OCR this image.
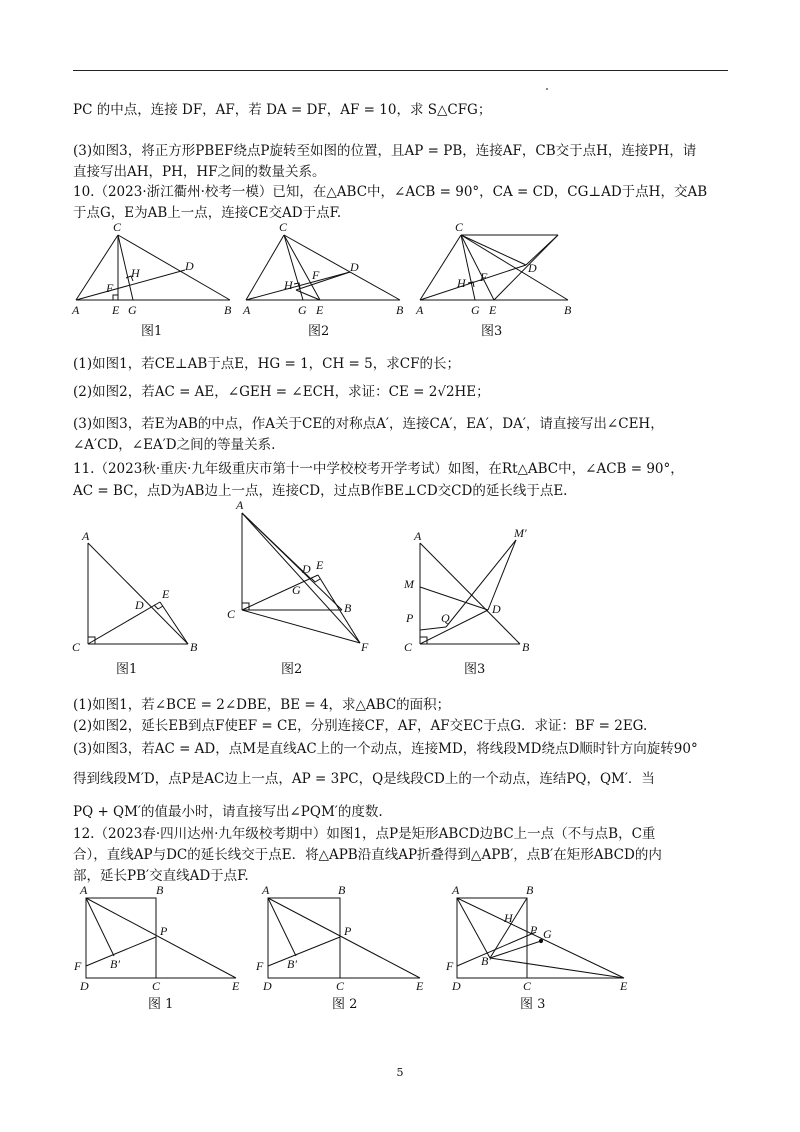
PC 的中点，连接 DF，AF，若 DA = DF，AF = 10，求 S△CFG；
(3)如图3，将正方形PBEF绕点P旋转至如图的位置，且AP = PB，连接AF，CB交于点H，连接PH，请
直接写出AH，PH，HF之间的数量关系。
10.（2023·浙江衢州·校考一模）已知，在△ABC中，∠ACB = 90°，CA = CD，CG⊥AD于点H，交AB
于点G，E为AB上一点，连接CE交AD于点F.
(1)如图1，若CE⊥AB于点E，HG = 1，CH = 5，求CF的长；
(2)如图2，若AC = AE，∠GEH = ∠ECH，求证：CE = 2√2HE；
(3)如图3，若E为AB的中点，作A关于CE的对称点A′，连接CA′，EA′，DA′，请直接写出∠CEH，
∠A′CD，∠EA′D之间的等量关系.
11.（2023秋·重庆·九年级重庆市第十一中学校校考开学考试）如图，在Rt△ABC中，∠ACB = 90°，
AC = BC，点D为AB边上一点，连接CD，过点B作BE⊥CD交CD的延长线于点E.
(1)如图1，若∠BCE = 2∠DBE，BE = 4，求△ABC的面积；
(2)如图2，延长EB到点F使EF = CE，分别连接CF，AF，AF交EC于点G．求证：BF = 2EG.
(3)如图3，若AC = AD，点M是直线AC上的一个动点，连接MD，将线段MD绕点D顺时针方向旋转90°
得到线段M′D，点P是AC边上一点，AP = 3PC，Q是线段CD上的一个动点，连结PQ，QM′．当
PQ + QM′的值最小时，请直接写出∠PQM′的度数.
12.（2023春·四川达州·九年级校考期中）如图1，点P是矩形ABCD边BC上一点（不与点B，C重
合），直线AP与DC的延长线交于点E．将△APB沿直线AP折叠得到△APB′，点B′在矩形ABCD的内
部，延长PB′交直线AD于点F.
C
H	D
F
A	E G	B
C
H
F
D
A	G E	B
C
D
H F
A	G E	B
A
E
D
C	B
A
D E
G
C	B
F
A	M′
M
P Q
D
C	B
A	B
P
F B′
D	C	E
A	B
P
F B′
D	C	E
A	B
H
P G
F B′
D	C	E
图1	图2	图3
图1	图2	图3
图 1	图 2	图 3
5
